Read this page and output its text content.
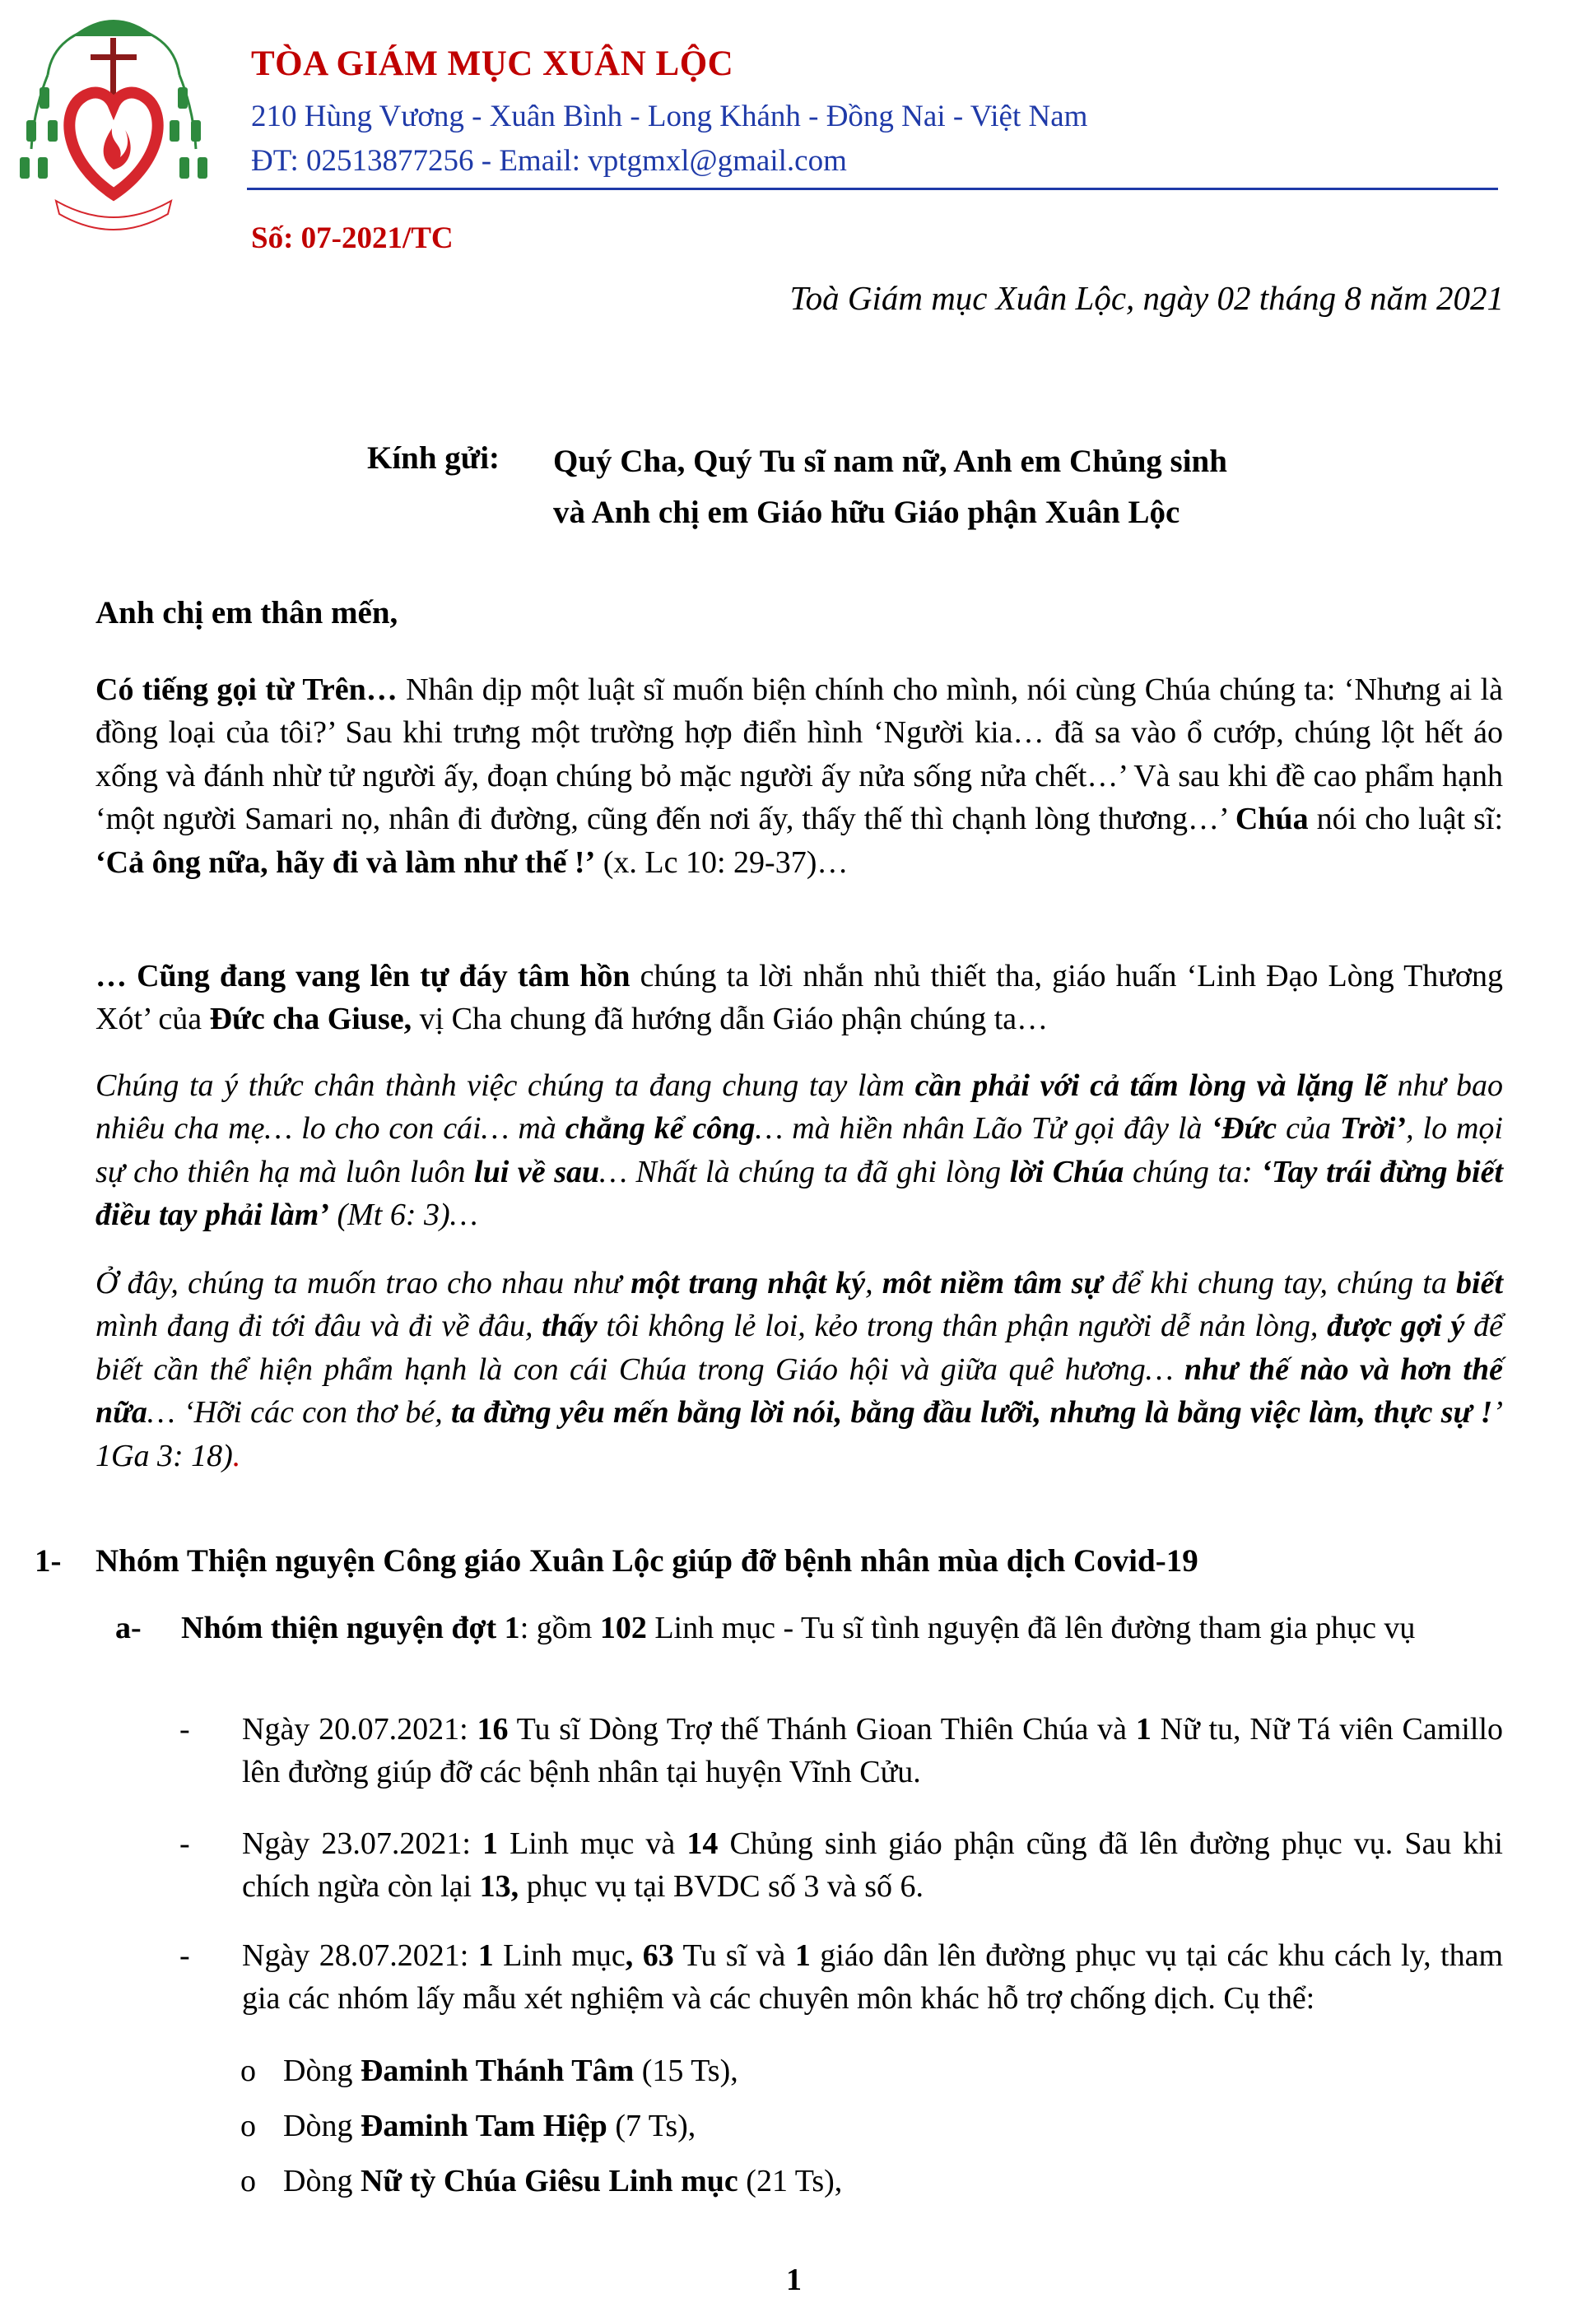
TÒA GIÁM MỤC XUÂN LỘC
210 Hùng Vương - Xuân Bình - Long Khánh - Đồng Nai - Việt Nam
ĐT: 02513877256 - Email: vptgmxl@gmail.com
Số: 07-2021/TC
Toà Giám mục Xuân Lộc, ngày 02 tháng 8 năm 2021
Kính gửi: Quý Cha, Quý Tu sĩ nam nữ, Anh em Chủng sinh
và Anh chị em Giáo hữu Giáo phận Xuân Lộc
Anh chị em thân mến,
Có tiếng gọi từ Trên… Nhân dịp một luật sĩ muốn biện chính cho mình, nói cùng Chúa chúng ta: ‘Nhưng ai là đồng loại của tôi?’ Sau khi trưng một trường hợp điển hình ‘Người kia… đã sa vào ổ cướp, chúng lột hết áo xống và đánh nhừ tử người ấy, đoạn chúng bỏ mặc người ấy nửa sống nửa chết…’ Và sau khi đề cao phẩm hạnh ‘một người Samari nọ, nhân đi đường, cũng đến nơi ấy, thấy thế thì chạnh lòng thương…’ Chúa nói cho luật sĩ: ‘Cả ông nữa, hãy đi và làm như thế !’ (x. Lc 10: 29-37)…
… Cũng đang vang lên tự đáy tâm hồn chúng ta lời nhắn nhủ thiết tha, giáo huấn ‘Linh Đạo Lòng Thương Xót’ của Đức cha Giuse, vị Cha chung đã hướng dẫn Giáo phận chúng ta…
Chúng ta ý thức chân thành việc chúng ta đang chung tay làm cần phải với cả tấm lòng và lặng lẽ như bao nhiêu cha mẹ… lo cho con cái… mà chẳng kể công… mà hiền nhân Lão Tử gọi đây là ‘Đức của Trời’, lo mọi sự cho thiên hạ mà luôn luôn lui về sau… Nhất là chúng ta đã ghi lòng lời Chúa chúng ta: ‘Tay trái đừng biết điều tay phải làm’ (Mt 6: 3)…
Ở đây, chúng ta muốn trao cho nhau như một trang nhật ký, môt niềm tâm sự để khi chung tay, chúng ta biết mình đang đi tới đâu và đi về đâu, thấy tôi không lẻ loi, kẻo trong thân phận người dễ nản lòng, được gợi ý để biết cần thể hiện phẩm hạnh là con cái Chúa trong Giáo hội và giữa quê hương… như thế nào và hơn thế nữa… ‘Hỡi các con thơ bé, ta đừng yêu mến bằng lời nói, bằng đầu lưỡi, nhưng là bằng việc làm, thực sự !’ 1Ga 3: 18).
1- Nhóm Thiện nguyện Công giáo Xuân Lộc giúp đỡ bệnh nhân mùa dịch Covid-19
a- Nhóm thiện nguyện đợt 1: gồm 102 Linh mục - Tu sĩ tình nguyện đã lên đường tham gia phục vụ
- Ngày 20.07.2021: 16 Tu sĩ Dòng Trợ thế Thánh Gioan Thiên Chúa và 1 Nữ tu, Nữ Tá viên Camillo lên đường giúp đỡ các bệnh nhân tại huyện Vĩnh Cửu.
- Ngày 23.07.2021: 1 Linh mục và 14 Chủng sinh giáo phận cũng đã lên đường phục vụ. Sau khi chích ngừa còn lại 13, phục vụ tại BVDC số 3 và số 6.
- Ngày 28.07.2021: 1 Linh mục, 63 Tu sĩ và 1 giáo dân lên đường phục vụ tại các khu cách ly, tham gia các nhóm lấy mẫu xét nghiệm và các chuyên môn khác hỗ trợ chống dịch. Cụ thể:
o Dòng Đaminh Thánh Tâm (15 Ts),
o Dòng Đaminh Tam Hiệp (7 Ts),
o Dòng Nữ tỳ Chúa Giêsu Linh mục (21 Ts),
1
